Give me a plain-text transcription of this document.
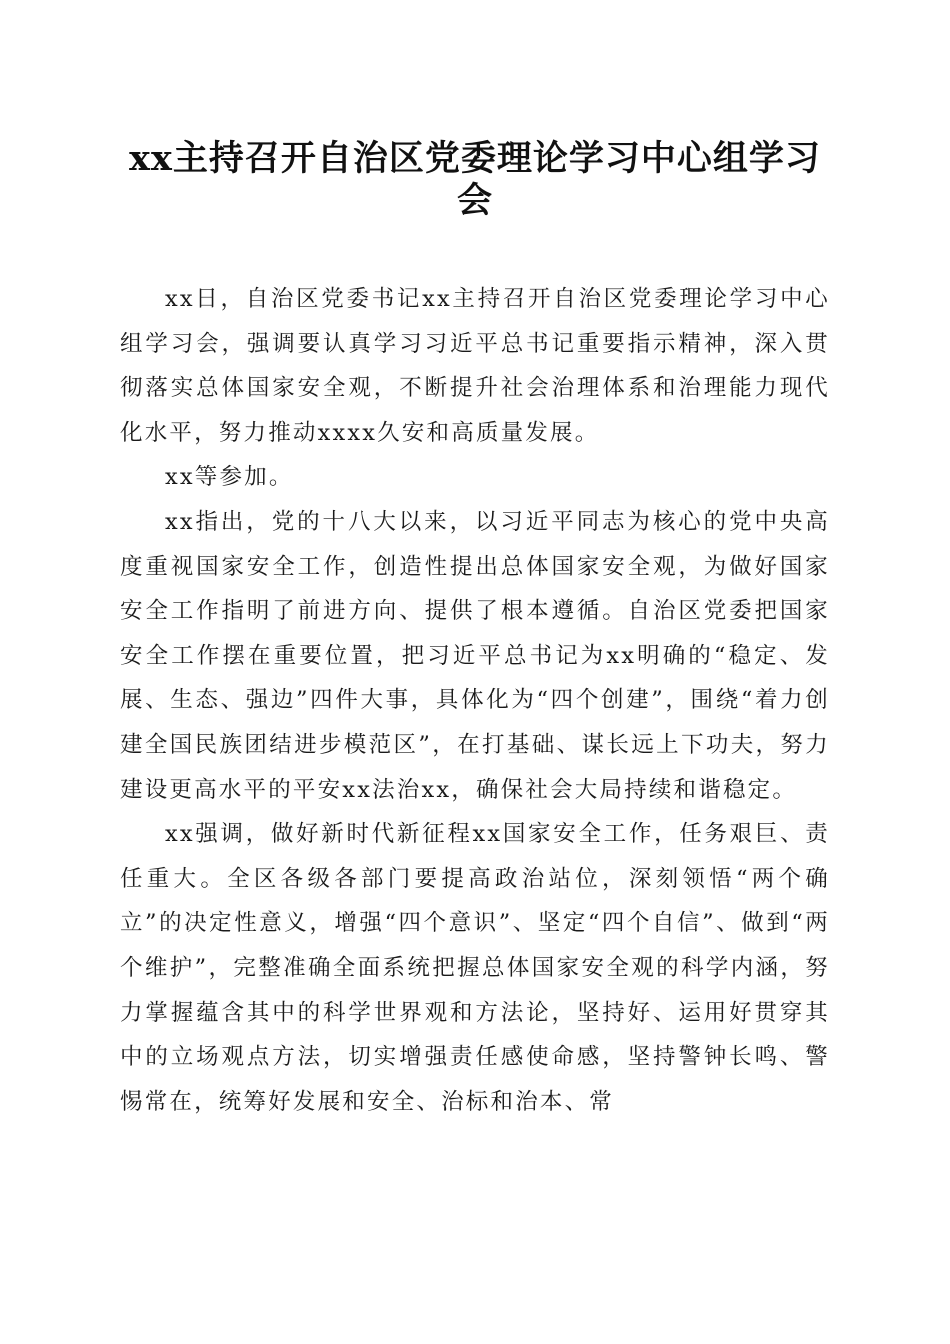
xx主持召开自治区党委理论学习中心组学习会

xx日，自治区党委书记xx主持召开自治区党委理论学习中心组学习会，强调要认真学习习近平总书记重要指示精神，深入贯彻落实总体国家安全观，不断提升社会治理体系和治理能力现代化水平，努力推动xxxx久安和高质量发展。

xx等参加。

xx指出，党的十八大以来，以习近平同志为核心的党中央高度重视国家安全工作，创造性提出总体国家安全观，为做好国家安全工作指明了前进方向、提供了根本遵循。自治区党委把国家安全工作摆在重要位置，把习近平总书记为xx明确的“稳定、发展、生态、强边”四件大事，具体化为“四个创建”，围绕“着力创建全国民族团结进步模范区”，在打基础、谋长远上下功夫，努力建设更高水平的平安xx法治xx，确保社会大局持续和谐稳定。

xx强调，做好新时代新征程xx国家安全工作，任务艰巨、责任重大。全区各级各部门要提高政治站位，深刻领悟“两个确立”的决定性意义，增强“四个意识”、坚定“四个自信”、做到“两个维护”，完整准确全面系统把握总体国家安全观的科学内涵，努力掌握蕴含其中的科学世界观和方法论，坚持好、运用好贯穿其中的立场观点方法，切实增强责任感使命感，坚持警钟长鸣、警惕常在，统筹好发展和安全、治标和治本、常
